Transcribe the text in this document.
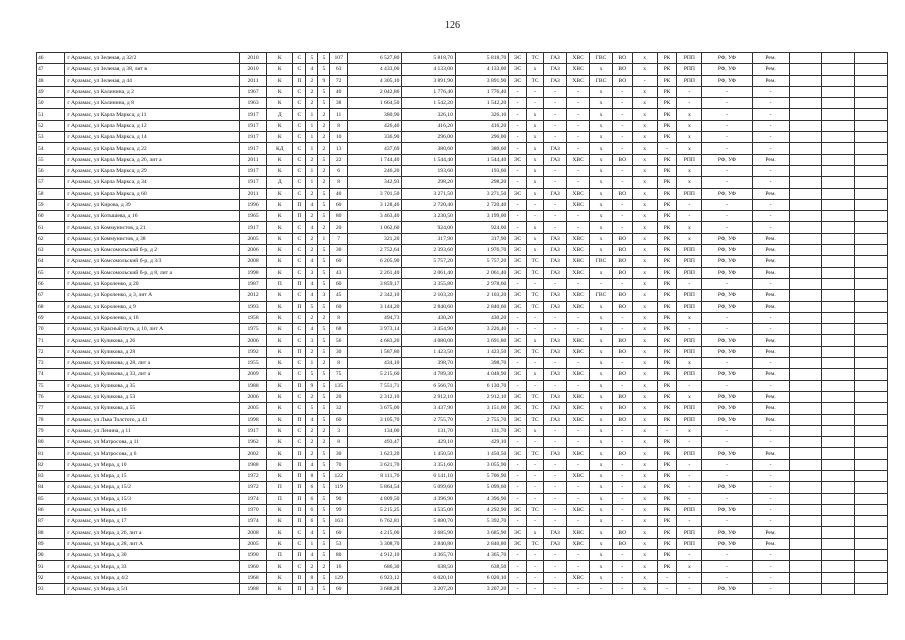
126
46	г Арзамас, ул Зеленая, д 32/2	2010	К	С	5	5	107	6 527,80	5 818,70	5 818,70	ЭС	ТС	ГАЗ	ХВС	ГВС	ВО	х	РК	РПП	РФ, УФ	Рем.			
47	г Арзамас, ул Зеленая, д 38, лит в	2010	К	С	4	5	63	4 433,00	4 133,00	4 133,00	ЭС	х	ГАЗ	ХВС	х	ВО	х	РК	РПП	РФ, УФ	Рем.			
48	г Арзамас, ул Зеленая, д 44	2011	К	П	2	9	72	4 305,10	3 891,90	3 891,90	ЭС	ТС	ГАЗ	ХВС	ГВС	ВО	-	РК	РПП	РФ, УФ	Рем.			
49	г Арзамас, ул Калинина, д 2	1967	К	С	2	5	40	2 042,86	1 776,40	1 776,40	-	-	-	-	х	-	х	РК	-	-	-			
50	г Арзамас, ул Калинина, д 8	1963	К	С	2	5	38	1 664,50	1 542,20	1 542,20	-	-	-	-	х	-	х	РК	-	-	-			
51	г Арзамас, ул Карла Маркса, д 11	1917	Д	С	1	2	11	380,90	326,10	326,10	-	х	-	-	х	-	х	РК	х	-	-			
52	г Арзамас, ул Карла Маркса, д 12	1917	К	С	1	2	8	426,40	416,20	416,20	-	х	-	-	х	-	х	РК	х	-	-			
53	г Арзамас, ул Карла Маркса, д 14	1917	К	С	1	2	10	336,90	296,00	296,00	-	х	-	-	х	-	х	РК	х	-	-			
54	г Арзамас, ул Карла Маркса, д 22	1917	КД	С	1	2	13	437,69	380,60	380,60	-	х	ГАЗ	-	х	-	х	-	х	-	-			
55	г Арзамас, ул Карла Маркса, д 26, лит а	2011	К	С	2	5	22	1 744,40	1 544,40	1 544,40	ЭС	х	ГАЗ	ХВС	х	ВО	х	РК	РПП	РФ, УФ	Рем.			
56	г Арзамас, ул Карла Маркса, д 29	1917	К	С	1	2	6	246,20	193,60	193,60	-	х	-	-	х	-	х	РК	х	-	-			
57	г Арзамас, ул Карла Маркса, д 34	1917	Д	С	1	2	8	342,93	298,20	298,20	-	х	-	-	х	-	х	РК	х	-	-			
58	г Арзамас, ул Карла Маркса, д 60	2011	К	С	2	5	40	3 701,50	3 271,50	3 271,50	ЭС	х	ГАЗ	ХВС	х	ВО	х	РК	РПП	РФ, УФ	Рем.			
59	г Арзамас, ул Кирова, д 39	1996	К	П	4	5	60	3 128,46	2 720,40	2 720,40	-	-	-	ХВС	х	-	х	РК	-	-	-			
60	г Арзамас, ул Котышева, д 16	1965	К	П	2	5	80	3 463,40	3 230,50	3 199,00	-	-	-	-	х	-	х	РК	-	-	-			
61	г Арзамас, ул Коммунистов, д 21	1917	К	С	4	2	20	1 062,60	924,00	924,00	-	х	-	-	х	-	х	РК	х	-	-			
62	г Арзамас, ул Коммунистов, д 38	2005	К	С	2	1	7	321,20	317,90	317,90	ЭС	х	ГАЗ	ХВС	х	ВО	х	РК	х	РФ, УФ	Рем.			
63	г Арзамас, ул Комсомольский б-р, д 2	2006	К	С	2	5	30	2 752,64	2 393,60	1 976,70	ЭС	х	ГАЗ	ХВС	х	ВО	х	РК	РПП	РФ, УФ	Рем.			
64	г Арзамас, ул Комсомольский б-р, д 3/3	2008	К	С	4	5	60	6 205,90	5 757,20	5 757,20	ЭС	ТС	ГАЗ	ХВС	ГВС	ВО	х	РК	РПП	РФ, УФ	Рем.			
65	г Арзамас, ул Комсомольский б-р, д 8, лит а	1998	К	С	3	5	43	2 261,40	2 061,40	2 061,40	ЭС	ТС	ГАЗ	ХВС	х	ВО	х	РК	РПП	РФ, УФ	Рем.			
66	г Арзамас, ул Короленко, д 20	1987	П	П	4	5	60	3 859,17	3 355,80	2 978,60	-	-	-	-	-	-	х	РК	-	-	-			
67	г Арзамас, ул Короленко, д 3, лит А	2012	К	С	4	3	45	2 342,10	2 103,20	2 103,20	ЭС	ТС	ГАЗ	ХВС	ГВС	ВО	х	РК	РПП	РФ, УФ	Рем.			
68	г Арзамас, ул Короленко, д 9	1993	К	П	5	5	60	3 144,20	2 840,60	2 840,60	ЭС	ТС	ГАЗ	ХВС	х	ВО	х	РК	РПП	РФ, УФ	Рем.			
69	г Арзамас, ул Короленко, д 16	1958	К	С	2	2	8	494,73	430,20	430,20	-	-	-	-	х	-	х	РК	х	-	-			
70	г Арзамас, ул Красный путь, д 10, лит А	1975	К	С	4	5	68	3 973,14	3 454,90	3 226,40	-	-	-	-	х	-	х	РК	-	-	-			
71	г Арзамас, ул Куликова, д 26	2006	К	С	3	5	56	4 683,20	4 080,00	3 691,80	ЭС	х	ГАЗ	ХВС	х	ВО	х	РК	РПП	РФ, УФ	Рем.			
72	г Арзамас, ул Куликова, д 28	1992	К	П	2	5	30	1 587,80	1 423,50	1 423,50	ЭС	ТС	ГАЗ	ХВС	х	ВО	х	РК	РПП	РФ, УФ	Рем.			
73	г Арзамас, ул Куликова, д 28, лит а	1955	К	С	1	2	8	434,10	398,70	398,70	-	-	-	-	х	-	х	РК	х	-	-			
74	г Арзамас, ул Куликова, д 33, лит а	2009	К	С	5	5	75	5 215,60	4 789,30	4 048,90	ЭС	х	ГАЗ	ХВС	х	ВО	х	РК	РПП	РФ, УФ	Рем.			
75	г Арзамас, ул Куликова, д 35	1988	К	П	9	5	135	7 551,71	6 566,70	6 130,70	-	-	-	-	х	-	х	РК	-	-	-			
76	г Арзамас, ул Куликова, д 53	2006	К	С	2	5	20	2 312,10	2 912,10	2 912,10	ЭС	ТС	ГАЗ	ХВС	х	ВО	х	РК	х	РФ, УФ	Рем.			
77	г Арзамас, ул Куликова, д 55	2005	К	С	5	5	32	3 675,00	3 437,90	3 151,00	ЭС	ТС	ГАЗ	ХВС	х	ВО	х	РК	РПП	РФ, УФ	Рем.			
78	г Арзамас, ул Льва Толстого, д 43	1998	К	П	4	5	60	3 105,70	2 755,70	2 755,70	ЭС	ТС	ГАЗ	ХВС	х	ВО	х	РК	РПП	РФ, УФ	Рем.			
79	г Арзамас, ул Ленина, д 11	1917	К	С	2	2	3	134,00	131,70	131,70	ЭС	х	-	-	х	-	х	-	х	-	-			
80	г Арзамас, ул Матросова, д 11	1962	К	С	2	2	8	493,47	429,10	429,10	-	-	-	-	х	-	х	РК	-	-	-			
81	г Арзамас, ул Матросова, д 6	2002	К	П	2	5	30	1 623,20	1 450,50	1 450,50	ЭС	ТС	ГАЗ	ХВС	х	ВО	х	РК	РПП	РФ, УФ	Рем.			
82	г Арзамас, ул Мира, д 10	1988	К	П	4	5	70	3 621,70	3 351,60	3 055,90	-	-	-	-	х	-	х	РК	-	-	-			
83	г Арзамас, ул Мира, д 15	1972	К	П	8	5	122	8 111,70	6 141,10	5 706,90	-	-	-	ХВС	х	-	х	РК	-	-	-			
84	г Арзамас, ул Мира, д 15/2	1972	П	П	6	5	119	5 864,54	5 099,60	5 099,60	-	-	-	-	х	-	х	РК	-	РФ, УФ	-			
85	г Арзамас, ул Мира, д 15/3	1974	П	П	6	5	90	4 809,50	4 396,90	4 396,90	-	-	-	-	х	-	х	РК	-	-	-			
86	г Арзамас, ул Мира, д 16	1970	К	П	6	5	99	5 215,25	4 535,00	4 292,90	ЭС	ТС	-	ХВС	х	-	х	РК	РПП	РФ, УФ	-			
87	г Арзамас, ул Мира, д 17	1974	К	П	6	5	163	6 762,81	5 880,70	5 392,70	-	-	-	-	х	-	х	РК	-	-	-			
88	г Арзамас, ул Мира, д 26, лит а	2008	К	С	4	5	60	4 215,00	3 685,90	3 685,90	ЭС	х	ГАЗ	ХВС	х	ВО	х	РК	РПП	РФ, УФ	Рем.			
89	г Арзамас, ул Мира, д 28, лит А	2005	К	С	1	5	53	3 308,70	2 840,80	2 840,80	ЭС	ТС	ГАЗ	ХВС	х	ВО	х	РК	РПП	РФ, УФ	Рем.			
90	г Арзамас, ул Мира, д 30	1990	П	П	4	5	80	4 912,10	4 365,70	4 365,70	-	-	-	-	х	-	х	РК	-	-	-			
91	г Арзамас, ул Мира, д 33	1960	К	С	2	2	16	686,30	638,50	638,50	-	-	-	-	х	-	х	РК	х	-	-			
92	г Арзамас, ул Мира, д 4/2	1968	К	П	8	5	129	6 923,12	6 020,10	6 020,10	-	-	-	ХВС	х	-	х	-	-	-	-			
93	г Арзамас, ул Мира, д 5/1	1988	К	П	3	5	60	3 688,28	3 207,20	3 207,20	-	-	-	-	-	-	х	-	-	РФ, УФ	-			
